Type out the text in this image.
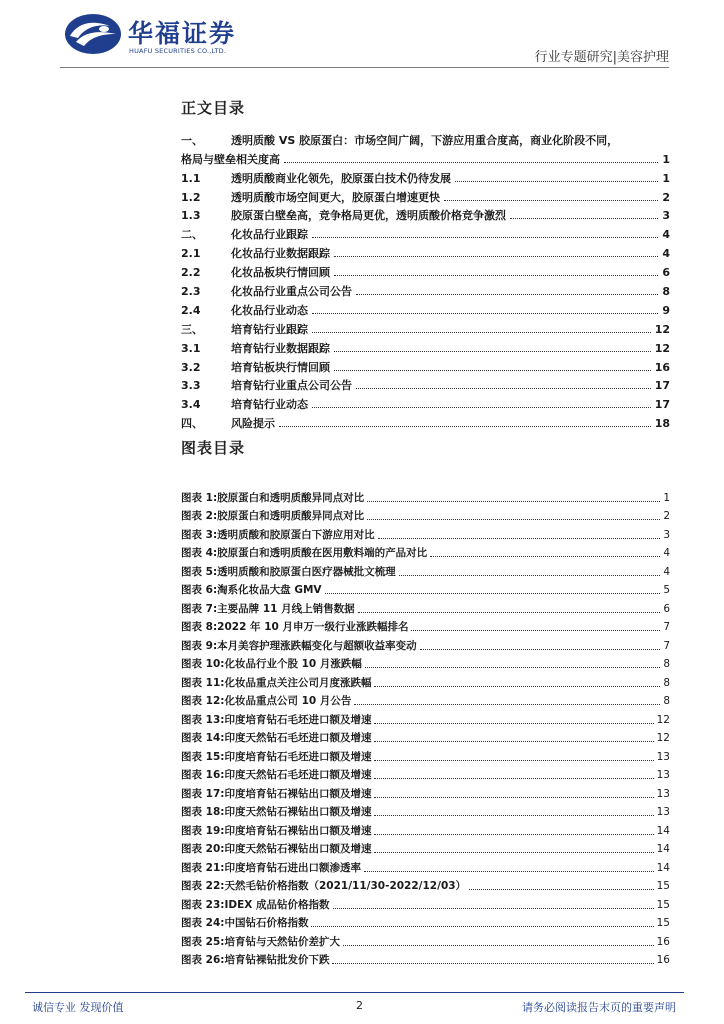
华福证券
HUAFU SECURITIES CO.,LTD.	行业专题研究|美容护理
正文目录
一、	透明质酸 VS 胶原蛋白：市场空间广阔，下游应用重合度高，商业化阶段不同，
格局与壁垒相关度高	1
1.1	透明质酸商业化领先，胶原蛋白技术仍待发展	1
1.2	透明质酸市场空间更大，胶原蛋白增速更快	2
1.3	胶原蛋白壁垒高，竞争格局更优，透明质酸价格竞争激烈	3
二、	化妆品行业跟踪	4
2.1	化妆品行业数据跟踪	4
2.2	化妆品板块行情回顾	6
2.3	化妆品行业重点公司公告	8
2.4	化妆品行业动态	9
三、	培育钻行业跟踪	12
3.1	培育钻行业数据跟踪	12
3.2	培育钻板块行情回顾	16
3.3	培育钻行业重点公司公告	17
3.4	培育钻行业动态	17
四、	风险提示	18
图表目录
图表 1: 胶原蛋白和透明质酸异同点对比	1
图表 2: 胶原蛋白和透明质酸异同点对比	2
图表 3: 透明质酸和胶原蛋白下游应用对比	3
图表 4: 胶原蛋白和透明质酸在医用敷料端的产品对比	4
图表 5: 透明质酸和胶原蛋白医疗器械批文梳理	4
图表 6: 淘系化妆品大盘 GMV	5
图表 7: 主要品牌 11 月线上销售数据	6
图表 8: 2022 年 10 月申万一级行业涨跌幅排名	7
图表 9: 本月美容护理涨跌幅变化与超额收益率变动	7
图表 10: 化妆品行业个股 10 月涨跌幅	8
图表 11: 化妆品重点关注公司月度涨跌幅	8
图表 12: 化妆品重点公司 10 月公告	8
图表 13: 印度培育钻石毛坯进口额及增速	12
图表 14: 印度天然钻石毛坯进口额及增速	12
图表 15: 印度培育钻石毛坯进口额及增速	13
图表 16: 印度天然钻石毛坯进口额及增速	13
图表 17: 印度培育钻石裸钻出口额及增速	13
图表 18: 印度天然钻石裸钻出口额及增速	13
图表 19: 印度培育钻石裸钻出口额及增速	14
图表 20: 印度天然钻石裸钻出口额及增速	14
图表 21: 印度培育钻石进出口额渗透率	14
图表 22: 天然毛钻价格指数（2021/11/30-2022/12/03）	15
图表 23: IDEX 成品钻价格指数	15
图表 24: 中国钻石价格指数	15
图表 25: 培育钻与天然钻价差扩大	16
图表 26: 培育钻裸钻批发价下跌	16
诚信专业 发现价值	2	请务必阅读报告末页的重要声明
